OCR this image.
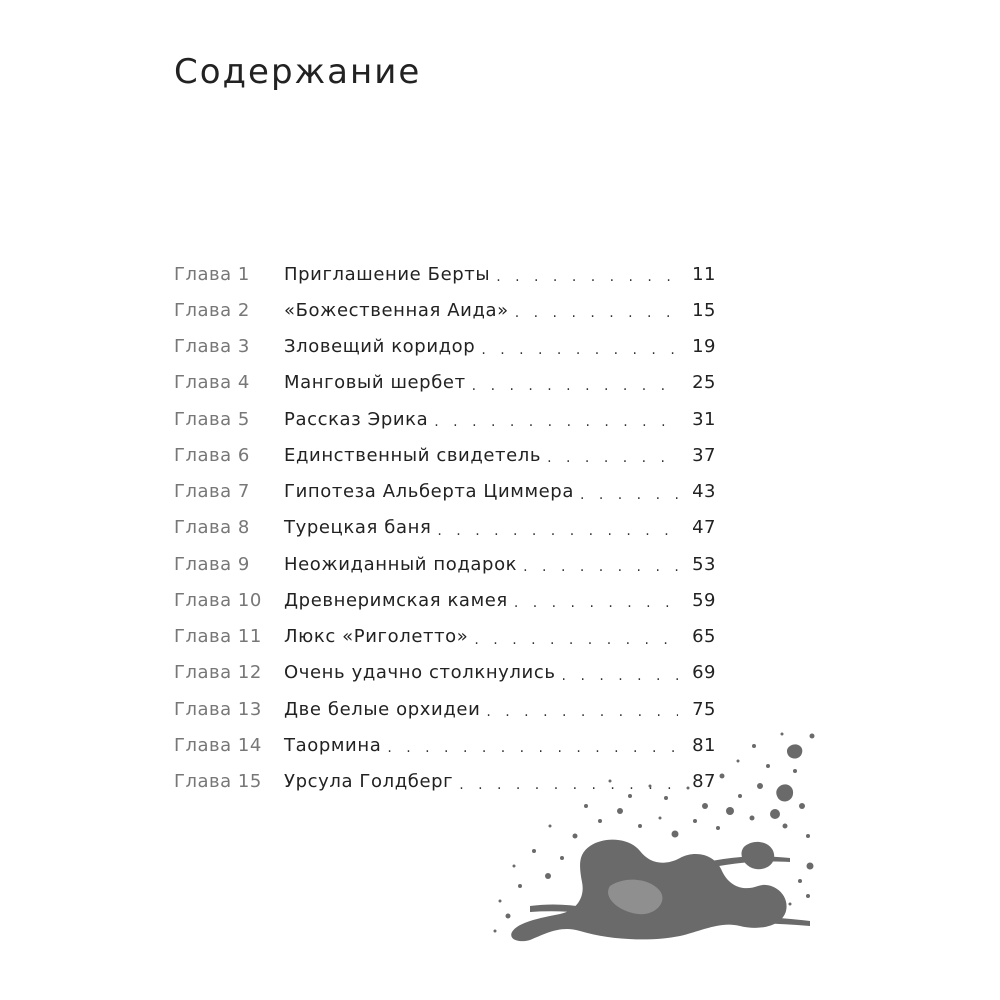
Содержание
Глава 1	Приглашение Берты . . .	11
Глава 2	«Божественная Аида» . . .	15
Глава 3	Зловещий коридор . . .	19
Глава 4	Манговый шербет . . .	25
Глава 5	Рассказ Эрика . . .	31
Глава 6	Единственный свидетель . . .	37
Глава 7	Гипотеза Альберта Циммера . . .	43
Глава 8	Турецкая баня . . .	47
Глава 9	Неожиданный подарок . . .	53
Глава 10	Древнеримская камея . . .	59
Глава 11	Люкс «Риголетто» . . .	65
Глава 12	Очень удачно столкнулись . . .	69
Глава 13	Две белые орхидеи . . .	75
Глава 14	Таормина . . .	81
Глава 15	Урсула Голдберг . . .	87
